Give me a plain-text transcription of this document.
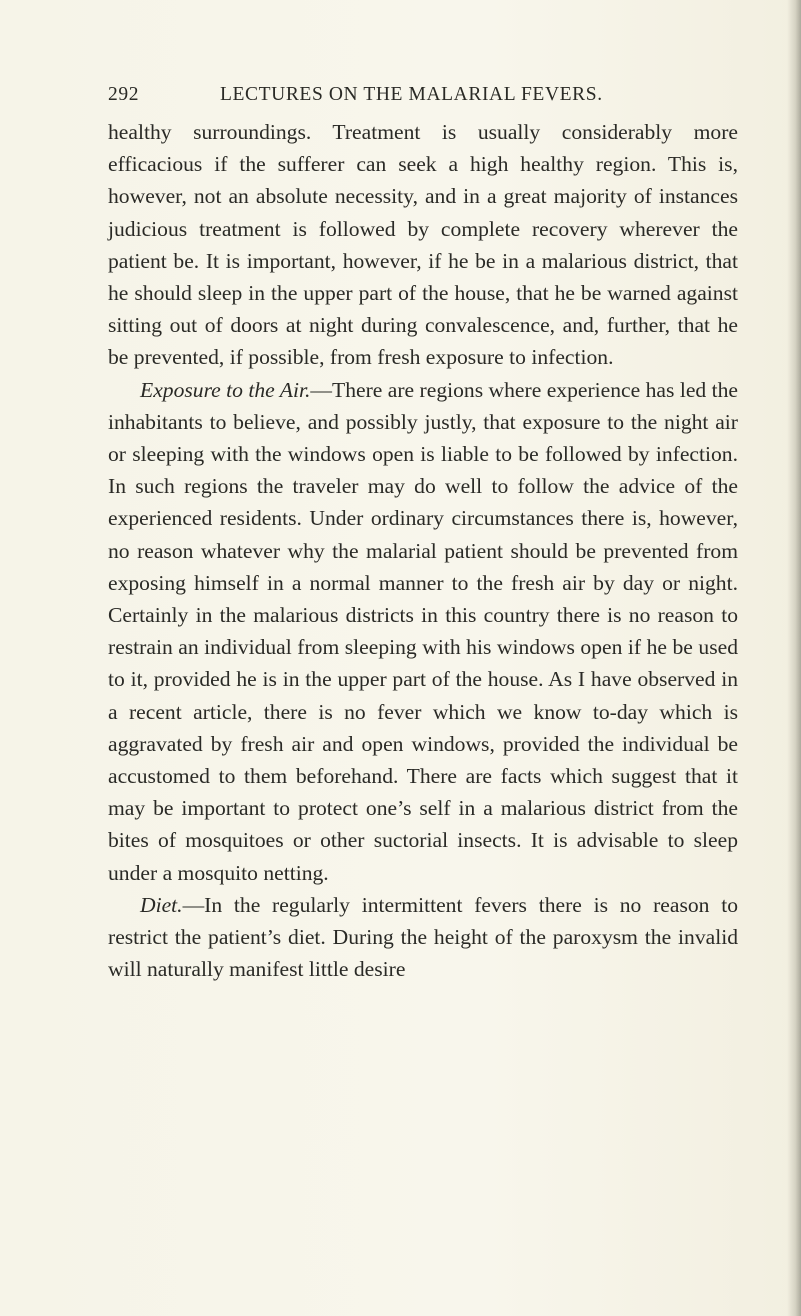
292	LECTURES ON THE MALARIAL FEVERS.

healthy surroundings. Treatment is usually considerably more efficacious if the sufferer can seek a high healthy region. This is, however, not an absolute necessity, and in a great majority of instances judicious treatment is followed by complete recovery wherever the patient be. It is important, however, if he be in a malarious district, that he should sleep in the upper part of the house, that he be warned against sitting out of doors at night during convalescence, and, further, that he be prevented, if possible, from fresh exposure to infection.

Exposure to the Air.—There are regions where experience has led the inhabitants to believe, and possibly justly, that exposure to the night air or sleeping with the windows open is liable to be followed by infection. In such regions the traveler may do well to follow the advice of the experienced residents. Under ordinary circumstances there is, however, no reason whatever why the malarial patient should be prevented from exposing himself in a normal manner to the fresh air by day or night. Certainly in the malarious districts in this country there is no reason to restrain an individual from sleeping with his windows open if he be used to it, provided he is in the upper part of the house. As I have observed in a recent article, there is no fever which we know to-day which is aggravated by fresh air and open windows, provided the individual be accustomed to them beforehand. There are facts which suggest that it may be important to protect one’s self in a malarious district from the bites of mosquitoes or other suctorial insects. It is advisable to sleep under a mosquito netting.

Diet.—In the regularly intermittent fevers there is no reason to restrict the patient’s diet. During the height of the paroxysm the invalid will naturally manifest little desire
